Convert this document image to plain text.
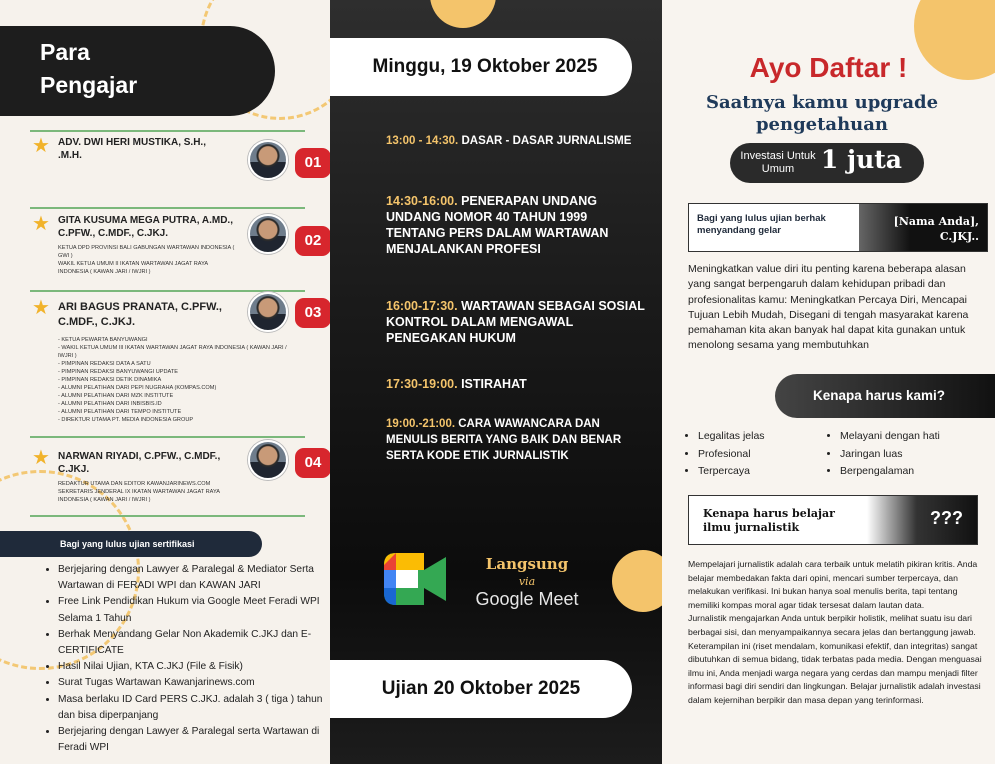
Para
Pengajar
★ ADV. DWI HERI MUSTIKA, S.H., .M.H.	01
★ GITA KUSUMA MEGA PUTRA, A.MD., C.PFW., C.MDF., C.JKJ.
KETUA DPD PROVINSI BALI GABUNGAN WARTAWAN INDONESIA ( GWI )
WAKIL KETUA UMUM II IKATAN WARTAWAN JAGAT RAYA INDONESIA ( KAWAN JARI / IWJRI )
02
★ ARI BAGUS PRANATA, C.PFW., C.MDF., C.JKJ.
- KETUA PEWARTA BANYUWANGI
- WAKIL KETUA UMUM III IKATAN WARTAWAN JAGAT RAYA INDONESIA ( KAWAN JARI / IWJRI )
- PIMPINAN REDAKSI DATA A SATU
- PIMPINAN REDAKSI BANYUWANGI UPDATE
- PIMPINAN REDAKSI DETIK DINAMIKA
- ALUMNI PELATIHAN DARI PEPI NUGRAHA (KOMPAS.COM)
- ALUMNI PELATIHAN DARI MZK INSTITUTE
- ALUMNI PELATIHAN DARI INBISBIS.ID
- ALUMNI PELATIHAN DARI TEMPO INSTITUTE
- DIREKTUR UTAMA PT. MEDIA INDONESIA GROUP
03
★ NARWAN RIYADI, C.PFW., C.MDF., C.JKJ.
REDAKTUR UTAMA DAN EDITOR KAWANJARINEWS.COM
SEKRETARIS JENDERAL IX IKATAN WARTAWAN JAGAT RAYA INDONESIA ( KAWAN JARI / IWJRI )
04
Bagi yang lulus ujian sertifikasi
• Berjejaring dengan Lawyer & Paralegal & Mediator Serta Wartawan di FERADI WPI dan KAWAN JARI
• Free Link Pendidikan Hukum via Google Meet Feradi WPI Selama 1 Tahun
• Berhak Menyandang Gelar Non Akademik C.JKJ dan E-CERTIFICATE
• Hasil Nilai Ujian, KTA C.JKJ (File & Fisik)
• Surat Tugas Wartawan Kawanjarinews.com
• Masa berlaku ID Card PERS C.JKJ. adalah 3 ( tiga ) tahun dan bisa diperpanjang
• Berjejaring dengan Lawyer & Paralegal serta Wartawan di Feradi WPI
Minggu, 19 Oktober 2025
13:00 - 14:30. DASAR - DASAR JURNALISME
14:30-16:00. PENERAPAN UNDANG UNDANG NOMOR 40 TAHUN 1999 TENTANG PERS DALAM WARTAWAN MENJALANKAN PROFESI
16:00-17:30. WARTAWAN SEBAGAI SOSIAL KONTROL DALAM MENGAWAL PENEGAKAN HUKUM
17:30-19:00. ISTIRAHAT
19:00.-21:00. CARA WAWANCARA DAN MENULIS BERITA YANG BAIK DAN BENAR SERTA KODE ETIK JURNALISTIK
Langsung
via
Google Meet
Ujian 20 Oktober 2025
Ayo Daftar !
Saatnya kamu upgrade pengetahuan
Investasi Untuk Umum	1 juta
Bagi yang lulus ujian berhak menyandang gelar
[Nama Anda], C.JKJ..
Meningkatkan value diri itu penting karena beberapa alasan yang sangat berpengaruh dalam kehidupan pribadi dan profesionalitas kamu: Meningkatkan Percaya Diri, Mencapai Tujuan Lebih Mudah, Disegani di tengah masyarakat karena pemahaman kita akan banyak hal dapat kita gunakan untuk menolong sesama yang membutuhkan
Kenapa harus kami?
• Legalitas jelas
• Profesional
• Terpercaya
• Melayani dengan hati
• Jaringan luas
• Berpengalaman
Kenapa harus belajar ilmu jurnalistik	???
Mempelajari jurnalistik adalah cara terbaik untuk melatih pikiran kritis. Anda belajar membedakan fakta dari opini, mencari sumber terpercaya, dan melakukan verifikasi. Ini bukan hanya soal menulis berita, tapi tentang memiliki kompas moral agar tidak tersesat dalam lautan data.
Jurnalistik mengajarkan Anda untuk berpikir holistik, melihat suatu isu dari berbagai sisi, dan menyampaikannya secara jelas dan bertanggung jawab. Keterampilan ini (riset mendalam, komunikasi efektif, dan integritas) sangat dibutuhkan di semua bidang, tidak terbatas pada media. Dengan menguasai ilmu ini, Anda menjadi warga negara yang cerdas dan mampu menjadi filter informasi bagi diri sendiri dan lingkungan. Belajar jurnalistik adalah investasi dalam kejernihan berpikir dan masa depan yang terinformasi.
